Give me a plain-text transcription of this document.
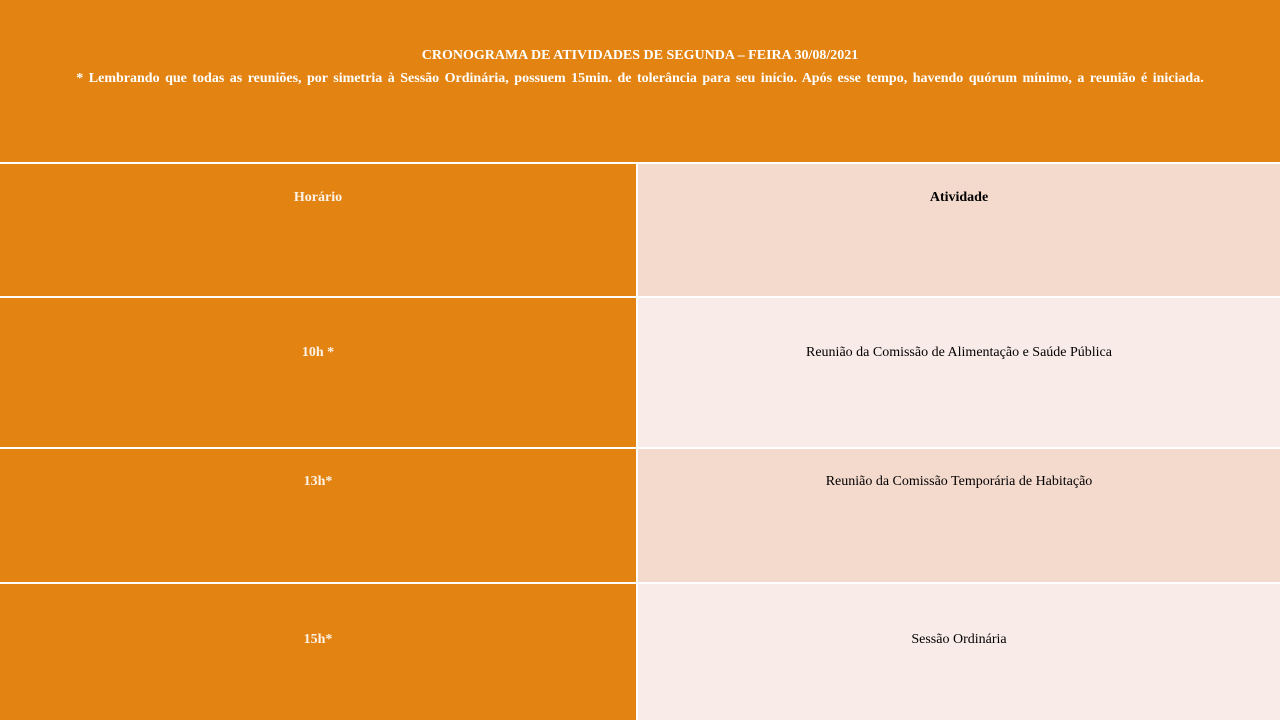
CRONOGRAMA DE ATIVIDADES DE SEGUNDA – FEIRA 30/08/2021
* Lembrando que todas as reuniões, por simetria à Sessão Ordinária, possuem 15min. de tolerância para seu início. Após esse tempo, havendo quórum mínimo, a reunião é iniciada.
Horário	Atividade
10h *	Reunião da Comissão de Alimentação e Saúde Pública
13h*	Reunião da Comissão Temporária de Habitação
15h*	Sessão Ordinária
